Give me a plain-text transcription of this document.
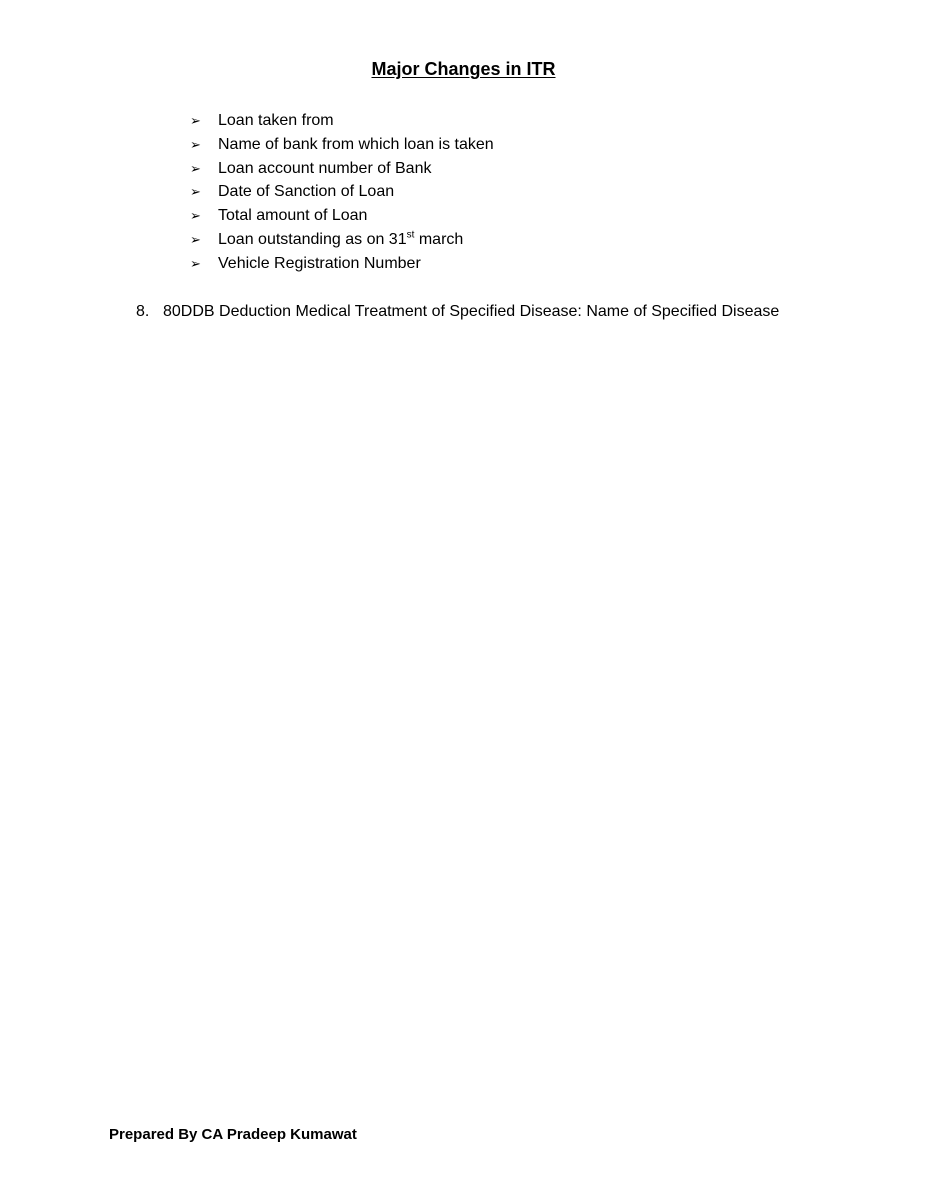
Major Changes in ITR
➢	Loan taken from
➢	Name of bank from which loan is taken
➢	Loan account number of Bank
➢	Date of Sanction of Loan
➢	Total amount of Loan
➢	Loan outstanding as on 31st march
➢	Vehicle Registration Number
8. 80DDB Deduction Medical Treatment of Specified Disease: Name of Specified Disease
Prepared By CA Pradeep Kumawat
